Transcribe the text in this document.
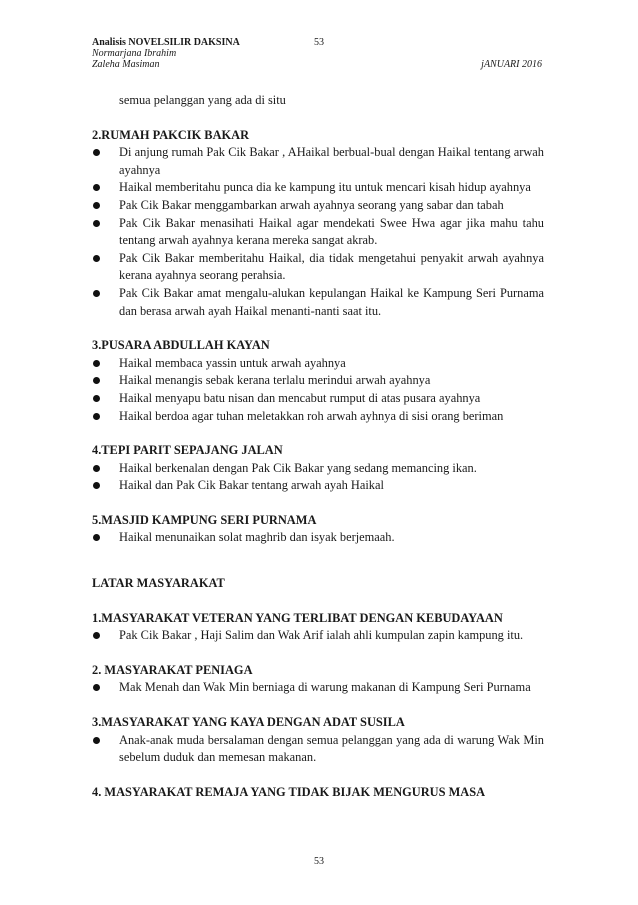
Analisis NOVELSILIR DAKSINA	53
Normarjana Ibrahim
Zaleha Masiman	jANUARI 2016

semua pelanggan yang ada di situ

2.RUMAH PAKCIK BAKAR

Di anjung rumah Pak Cik Bakar , AHaikal berbual-bual dengan Haikal tentang arwah ayahnya
Haikal memberitahu punca dia ke kampung itu untuk mencari kisah hidup ayahnya
Pak Cik Bakar menggambarkan arwah ayahnya seorang yang sabar dan tabah
Pak Cik Bakar menasihati Haikal agar mendekati Swee Hwa agar jika mahu tahu tentang arwah ayahnya kerana mereka sangat akrab.
Pak Cik Bakar memberitahu Haikal, dia tidak mengetahui penyakit arwah ayahnya kerana ayahnya seorang perahsia.
Pak Cik Bakar amat mengalu-alukan kepulangan Haikal ke Kampung Seri Purnama dan berasa arwah ayah Haikal menanti-nanti saat itu.

3.PUSARA ABDULLAH KAYAN

Haikal membaca yassin untuk arwah ayahnya
Haikal menangis sebak kerana terlalu merindui arwah ayahnya
Haikal menyapu batu nisan dan mencabut rumput di atas pusara ayahnya
Haikal berdoa agar tuhan meletakkan roh arwah ayhnya di sisi orang beriman

4.TEPI PARIT SEPAJANG JALAN

Haikal berkenalan dengan Pak Cik Bakar yang sedang memancing ikan.
Haikal dan Pak Cik Bakar tentang arwah ayah Haikal

5.MASJID KAMPUNG SERI PURNAMA

Haikal menunaikan solat maghrib dan isyak berjemaah.

LATAR MASYARAKAT

1.MASYARAKAT VETERAN YANG TERLIBAT DENGAN KEBUDAYAAN

Pak Cik Bakar , Haji Salim dan Wak Arif ialah ahli kumpulan zapin kampung itu.

2. MASYARAKAT PENIAGA

Mak Menah dan Wak Min berniaga di warung makanan di Kampung Seri Purnama

3.MASYARAKAT YANG KAYA DENGAN ADAT SUSILA

Anak-anak muda bersalaman dengan semua pelanggan yang ada di warung Wak Min sebelum duduk dan memesan makanan.

4. MASYARAKAT REMAJA YANG TIDAK BIJAK MENGURUS MASA

53
